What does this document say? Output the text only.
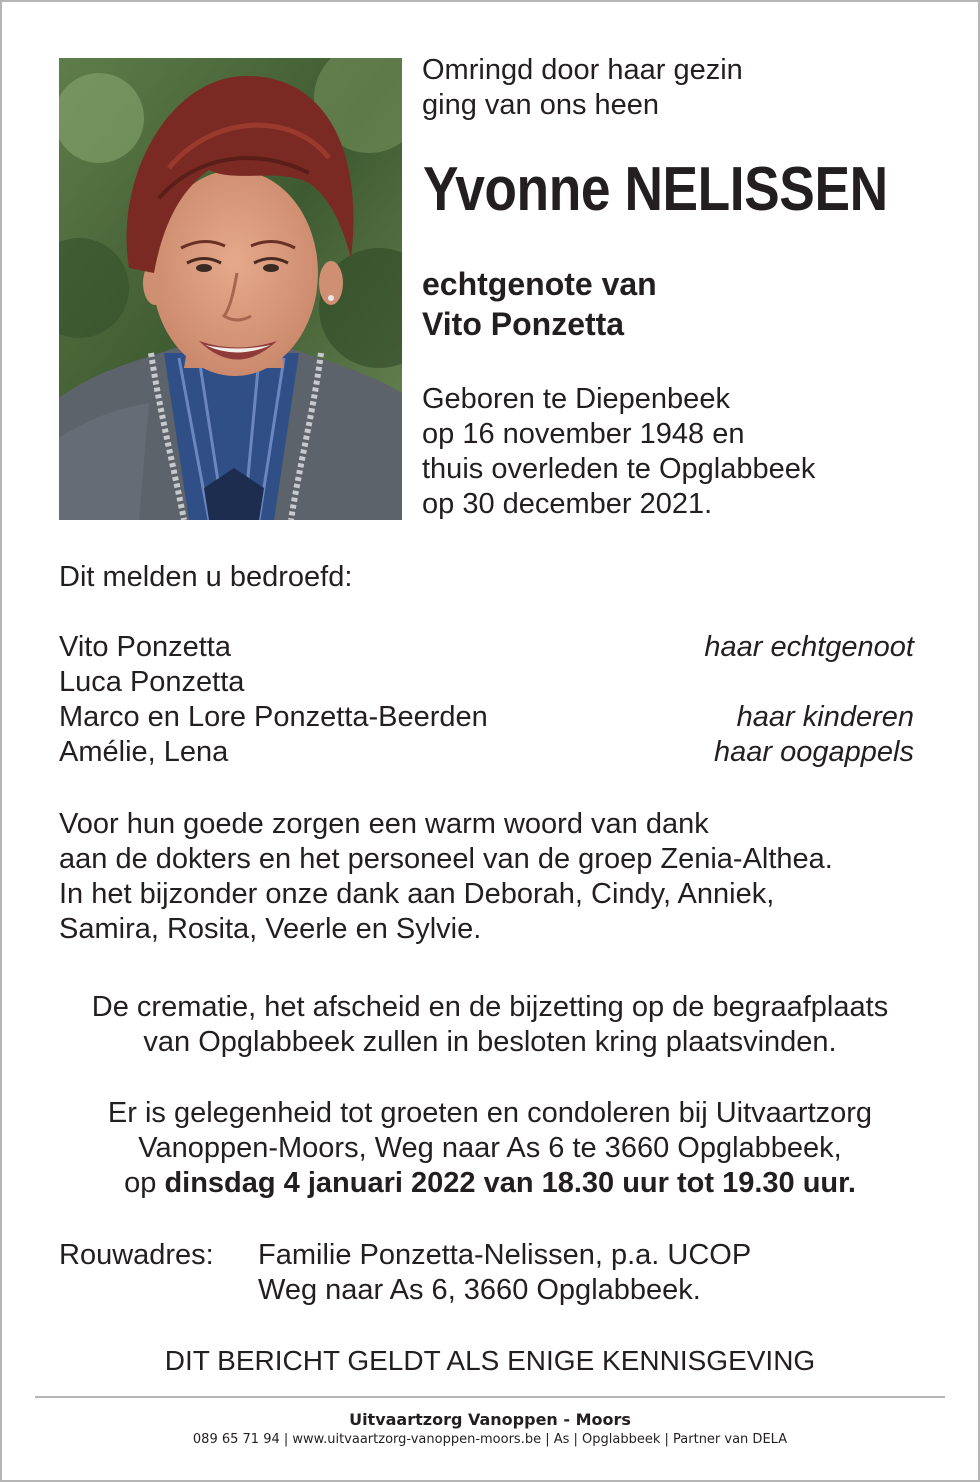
Omringd door haar gezin
ging van ons heen
Yvonne NELISSEN
echtgenote van
Vito Ponzetta
Geboren te Diepenbeek
op 16 november 1948 en
thuis overleden te Opglabbeek
op 30 december 2021.
Dit melden u bedroefd:
Vito Ponzetta	haar echtgenoot
Luca Ponzetta
Marco en Lore Ponzetta-Beerden	haar kinderen
Amélie, Lena	haar oogappels
Voor hun goede zorgen een warm woord van dank
aan de dokters en het personeel van de groep Zenia-Althea.
In het bijzonder onze dank aan Deborah, Cindy, Anniek,
Samira, Rosita, Veerle en Sylvie.
De crematie, het afscheid en de bijzetting op de begraafplaats
van Opglabbeek zullen in besloten kring plaatsvinden.
Er is gelegenheid tot groeten en condoleren bij Uitvaartzorg
Vanoppen-Moors, Weg naar As 6 te 3660 Opglabbeek,
op dinsdag 4 januari 2022 van 18.30 uur tot 19.30 uur.
Rouwadres: Familie Ponzetta-Nelissen, p.a. UCOP
Weg naar As 6, 3660 Opglabbeek.
DIT BERICHT GELDT ALS ENIGE KENNISGEVING
Uitvaartzorg Vanoppen - Moors
089 65 71 94 | www.uitvaartzorg-vanoppen-moors.be | As | Opglabbeek | Partner van DELA
